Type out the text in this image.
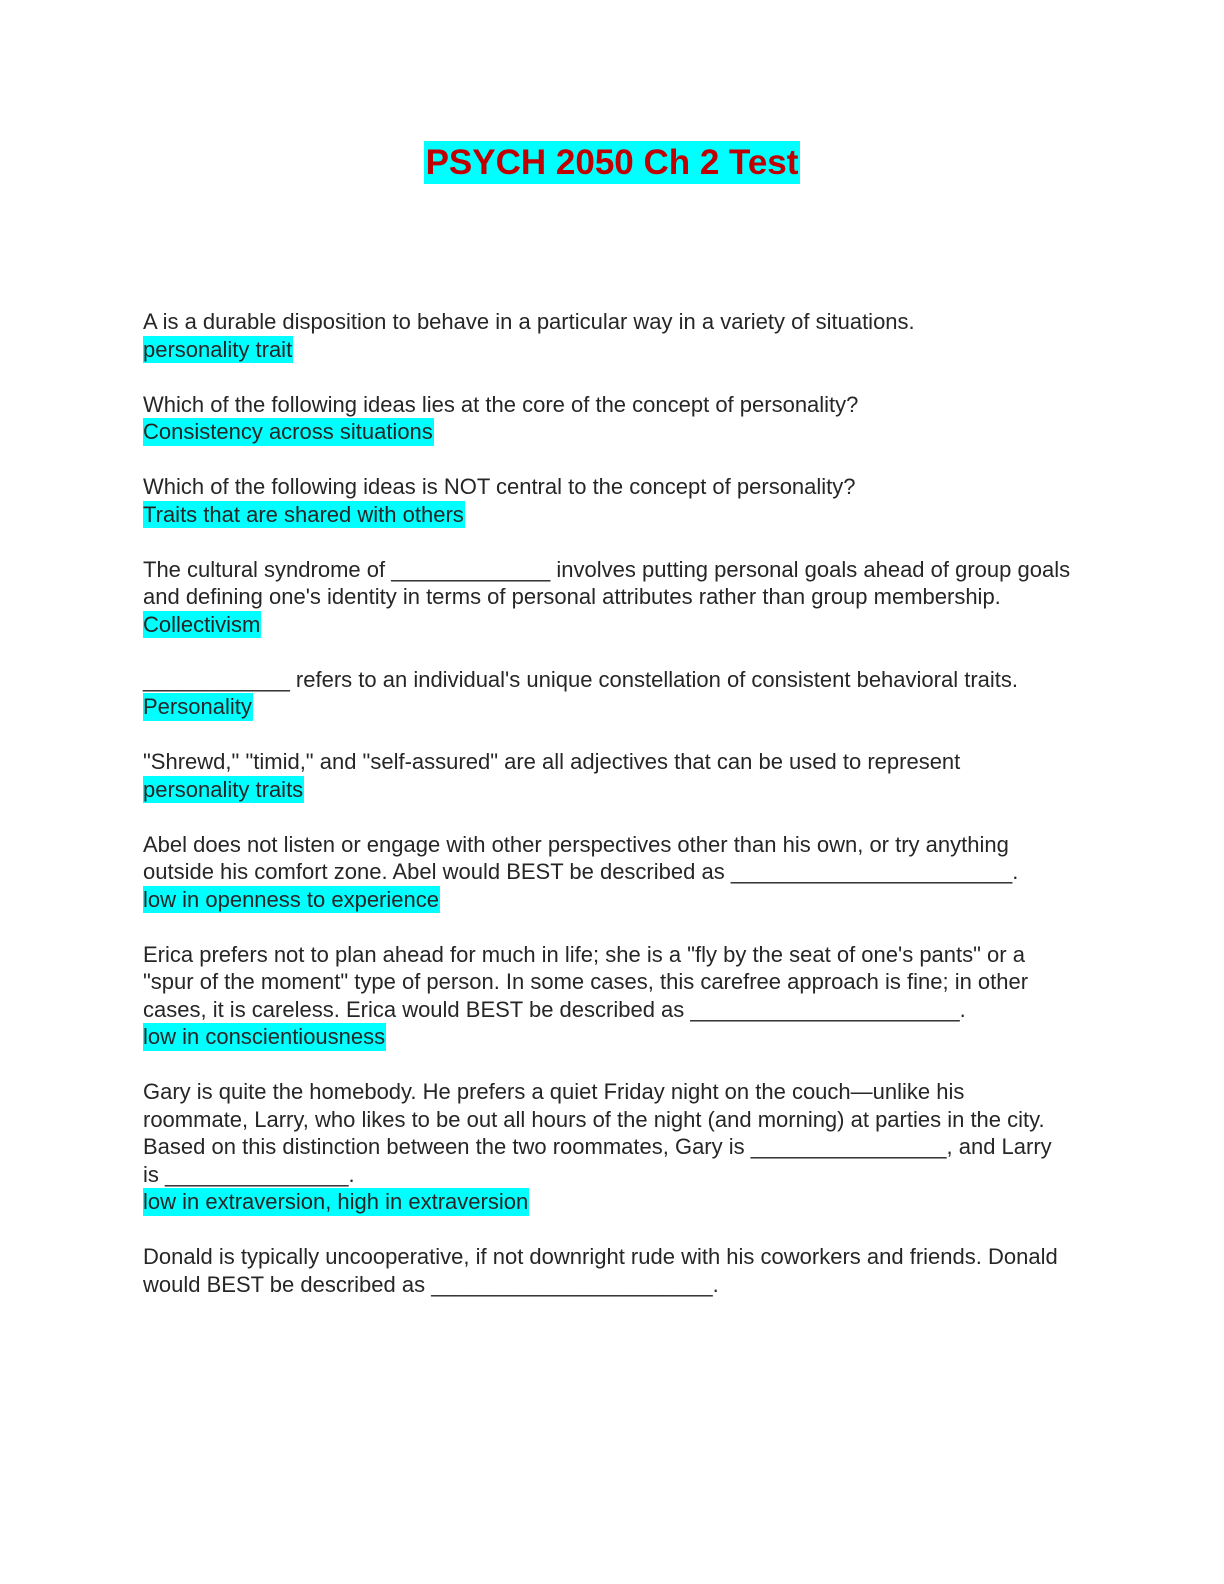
PSYCH 2050 Ch 2 Test
A is a durable disposition to behave in a particular way in a variety of situations.
personality trait
Which of the following ideas lies at the core of the concept of personality?
Consistency across situations
Which of the following ideas is NOT central to the concept of personality?
Traits that are shared with others
The cultural syndrome of _____________ involves putting personal goals ahead of group goals and defining one's identity in terms of personal attributes rather than group membership.
Collectivism
____________ refers to an individual's unique constellation of consistent behavioral traits.
Personality
"Shrewd," "timid," and "self-assured" are all adjectives that can be used to represent
personality traits
Abel does not listen or engage with other perspectives other than his own, or try anything outside his comfort zone. Abel would BEST be described as _______________________.
low in openness to experience
Erica prefers not to plan ahead for much in life; she is a "fly by the seat of one's pants" or a "spur of the moment" type of person. In some cases, this carefree approach is fine; in other cases, it is careless. Erica would BEST be described as ______________________.
low in conscientiousness
Gary is quite the homebody. He prefers a quiet Friday night on the couch—unlike his roommate, Larry, who likes to be out all hours of the night (and morning) at parties in the city. Based on this distinction between the two roommates, Gary is ________________, and Larry is _______________.
low in extraversion, high in extraversion
Donald is typically uncooperative, if not downright rude with his coworkers and friends. Donald would BEST be described as _______________________.
